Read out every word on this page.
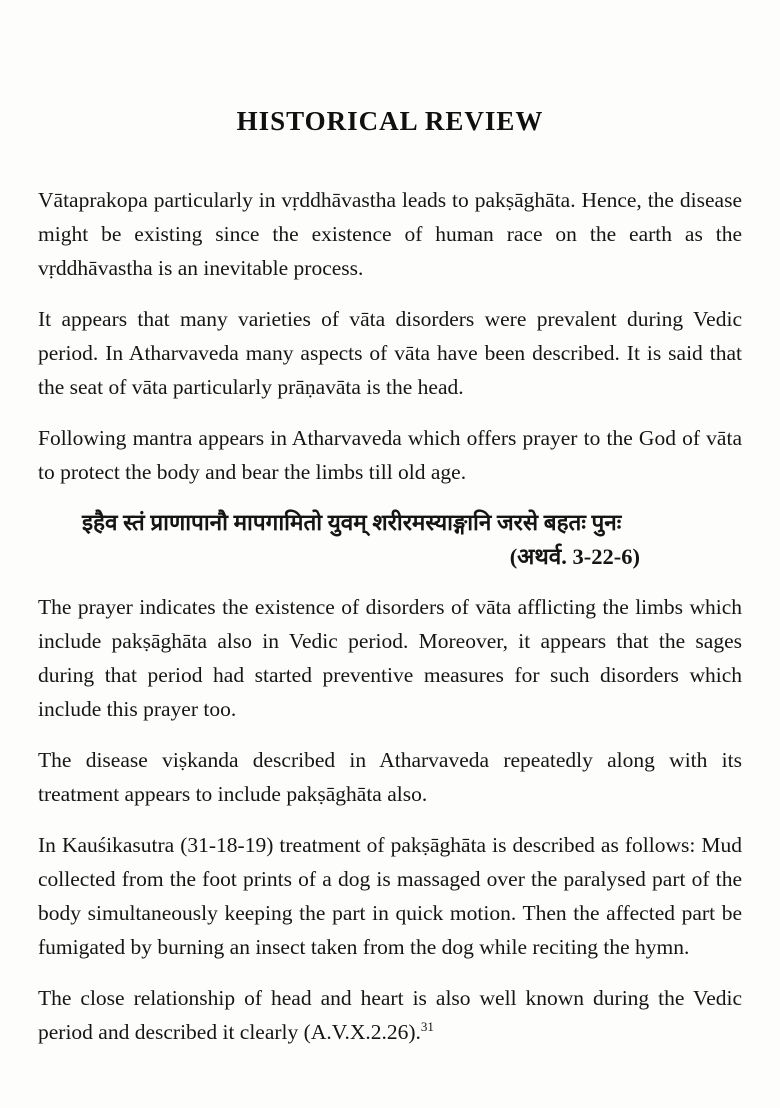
HISTORICAL REVIEW

Vātaprakopa particularly in vṛddhāvastha leads to pakṣāghāta. Hence, the disease might be existing since the existence of human race on the earth as the vṛddhāvastha is an inevitable process.

It appears that many varieties of vāta disorders were prevalent during Vedic period. In Atharvaveda many aspects of vāta have been described. It is said that the seat of vāta particularly prāṇavāta is the head.

Following mantra appears in Atharvaveda which offers prayer to the God of vāta to protect the body and bear the limbs till old age.

इहैव स्तं प्राणापानौ मापगामितो युवम् शरीरमस्याङ्गानि जरसे बहतः पुनः
(अथर्व. 3-22-6)

The prayer indicates the existence of disorders of vāta afflicting the limbs which include pakṣāghāta also in Vedic period. Moreover, it appears that the sages during that period had started preventive measures for such disorders which include this prayer too.

The disease viṣkanda described in Atharvaveda repeatedly along with its treatment appears to include pakṣāghāta also.

In Kauśikasutra (31-18-19) treatment of pakṣāghāta is described as follows: Mud collected from the foot prints of a dog is massaged over the paralysed part of the body simultaneously keeping the part in quick motion. Then the affected part be fumigated by burning an insect taken from the dog while reciting the hymn.

The close relationship of head and heart is also well known during the Vedic period and described it clearly (A.V.X.2.26).$^{31}$
